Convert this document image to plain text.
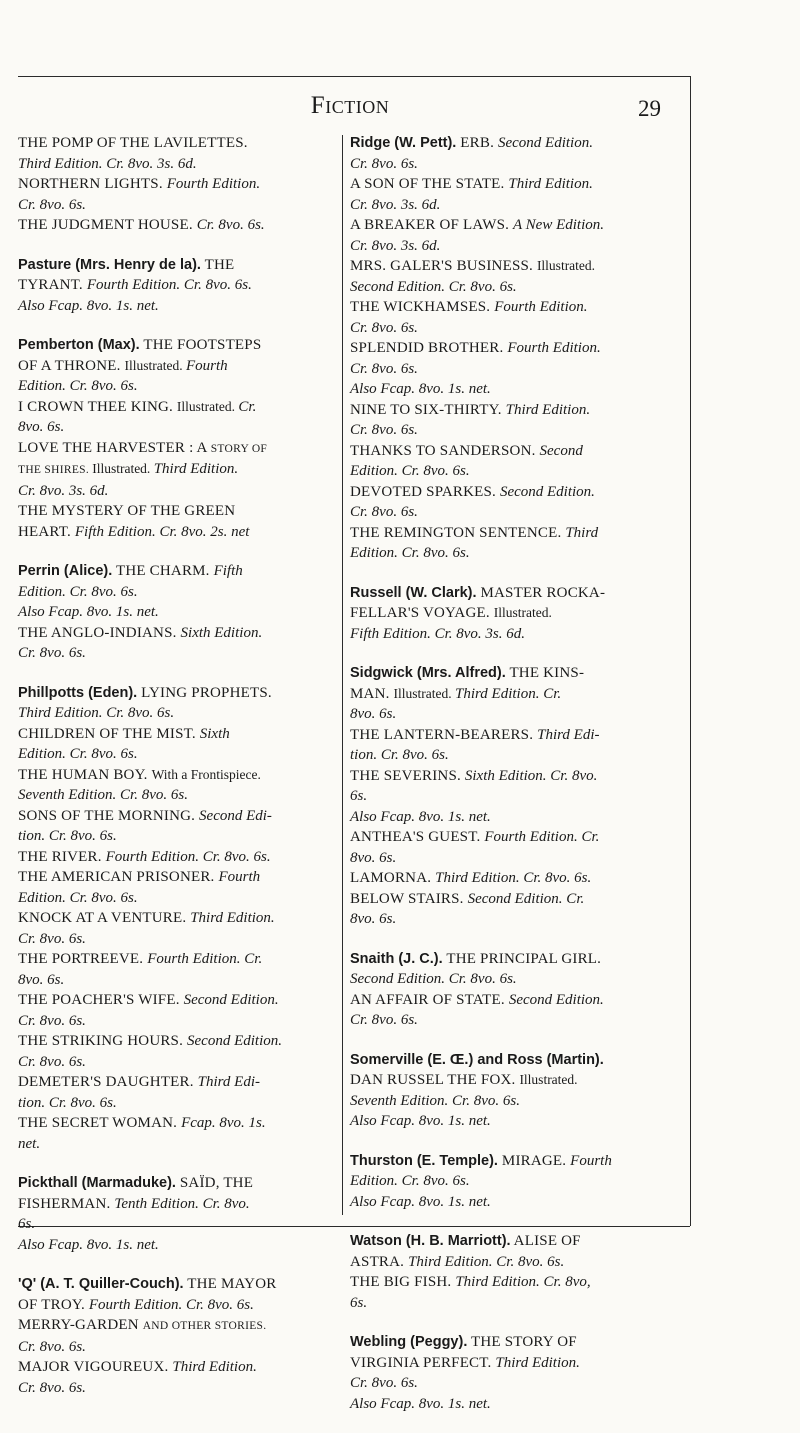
Fiction	29
THE POMP OF THE LAVILETTES.
Third Edition. Cr. 8vo. 3s. 6d.
NORTHERN LIGHTS. Fourth Edition.
Cr. 8vo. 6s.
THE JUDGMENT HOUSE. Cr. 8vo. 6s.
Pasture (Mrs. Henry de la). THE
TYRANT. Fourth Edition. Cr. 8vo. 6s.
Also Fcap. 8vo. 1s. net.
Pemberton (Max). THE FOOTSTEPS
OF A THRONE. Illustrated. Fourth
Edition. Cr. 8vo. 6s.
I CROWN THEE KING. Illustrated. Cr.
8vo. 6s.
LOVE THE HARVESTER : A STORY OF
THE SHIRES. Illustrated. Third Edition.
Cr. 8vo. 3s. 6d.
THE MYSTERY OF THE GREEN
HEART. Fifth Edition. Cr. 8vo. 2s. net
Perrin (Alice). THE CHARM. Fifth
Edition. Cr. 8vo. 6s.
Also Fcap. 8vo. 1s. net.
THE ANGLO-INDIANS. Sixth Edition.
Cr. 8vo. 6s.
Phillpotts (Eden). LYING PROPHETS.
Third Edition. Cr. 8vo. 6s.
CHILDREN OF THE MIST. Sixth
Edition. Cr. 8vo. 6s.
THE HUMAN BOY. With a Frontispiece.
Seventh Edition. Cr. 8vo. 6s.
SONS OF THE MORNING. Second Edi-
tion. Cr. 8vo. 6s.
THE RIVER. Fourth Edition. Cr. 8vo. 6s.
THE AMERICAN PRISONER. Fourth
Edition. Cr. 8vo. 6s.
KNOCK AT A VENTURE. Third Edition.
Cr. 8vo. 6s.
THE PORTREEVE. Fourth Edition. Cr.
8vo. 6s.
THE POACHER'S WIFE. Second Edition.
Cr. 8vo. 6s.
THE STRIKING HOURS. Second Edition.
Cr. 8vo. 6s.
DEMETER'S DAUGHTER. Third Edi-
tion. Cr. 8vo. 6s.
THE SECRET WOMAN. Fcap. 8vo. 1s.
net.
Pickthall (Marmaduke). SAÏD, THE
FISHERMAN. Tenth Edition. Cr. 8vo.
6s.
Also Fcap. 8vo. 1s. net.
'Q' (A. T. Quiller-Couch). THE MAYOR
OF TROY. Fourth Edition. Cr. 8vo. 6s.
MERRY-GARDEN AND OTHER STORIES.
Cr. 8vo. 6s.
MAJOR VIGOUREUX. Third Edition.
Cr. 8vo. 6s.
Ridge (W. Pett). ERB. Second Edition.
Cr. 8vo. 6s.
A SON OF THE STATE. Third Edition.
Cr. 8vo. 3s. 6d.
A BREAKER OF LAWS. A New Edition.
Cr. 8vo. 3s. 6d.
MRS. GALER'S BUSINESS. Illustrated.
Second Edition. Cr. 8vo. 6s.
THE WICKHAMSES. Fourth Edition.
Cr. 8vo. 6s.
SPLENDID BROTHER. Fourth Edition.
Cr. 8vo. 6s.
Also Fcap. 8vo. 1s. net.
NINE TO SIX-THIRTY. Third Edition.
Cr. 8vo. 6s.
THANKS TO SANDERSON. Second
Edition. Cr. 8vo. 6s.
DEVOTED SPARKES. Second Edition.
Cr. 8vo. 6s.
THE REMINGTON SENTENCE. Third
Edition. Cr. 8vo. 6s.
Russell (W. Clark). MASTER ROCKA-
FELLAR'S VOYAGE. Illustrated.
Fifth Edition. Cr. 8vo. 3s. 6d.
Sidgwick (Mrs. Alfred). THE KINS-
MAN. Illustrated. Third Edition. Cr.
8vo. 6s.
THE LANTERN-BEARERS. Third Edi-
tion. Cr. 8vo. 6s.
THE SEVERINS. Sixth Edition. Cr. 8vo.
6s.
Also Fcap. 8vo. 1s. net.
ANTHEA'S GUEST. Fourth Edition. Cr.
8vo. 6s.
LAMORNA. Third Edition. Cr. 8vo. 6s.
BELOW STAIRS. Second Edition. Cr.
8vo. 6s.
Snaith (J. C.). THE PRINCIPAL GIRL.
Second Edition. Cr. 8vo. 6s.
AN AFFAIR OF STATE. Second Edition.
Cr. 8vo. 6s.
Somerville (E. Œ.) and Ross (Martin).
DAN RUSSEL THE FOX. Illustrated.
Seventh Edition. Cr. 8vo. 6s.
Also Fcap. 8vo. 1s. net.
Thurston (E. Temple). MIRAGE. Fourth
Edition. Cr. 8vo. 6s.
Also Fcap. 8vo. 1s. net.
Watson (H. B. Marriott). ALISE OF
ASTRA. Third Edition. Cr. 8vo. 6s.
THE BIG FISH. Third Edition. Cr. 8vo,
6s.
Webling (Peggy). THE STORY OF
VIRGINIA PERFECT. Third Edition.
Cr. 8vo. 6s.
Also Fcap. 8vo. 1s. net.
